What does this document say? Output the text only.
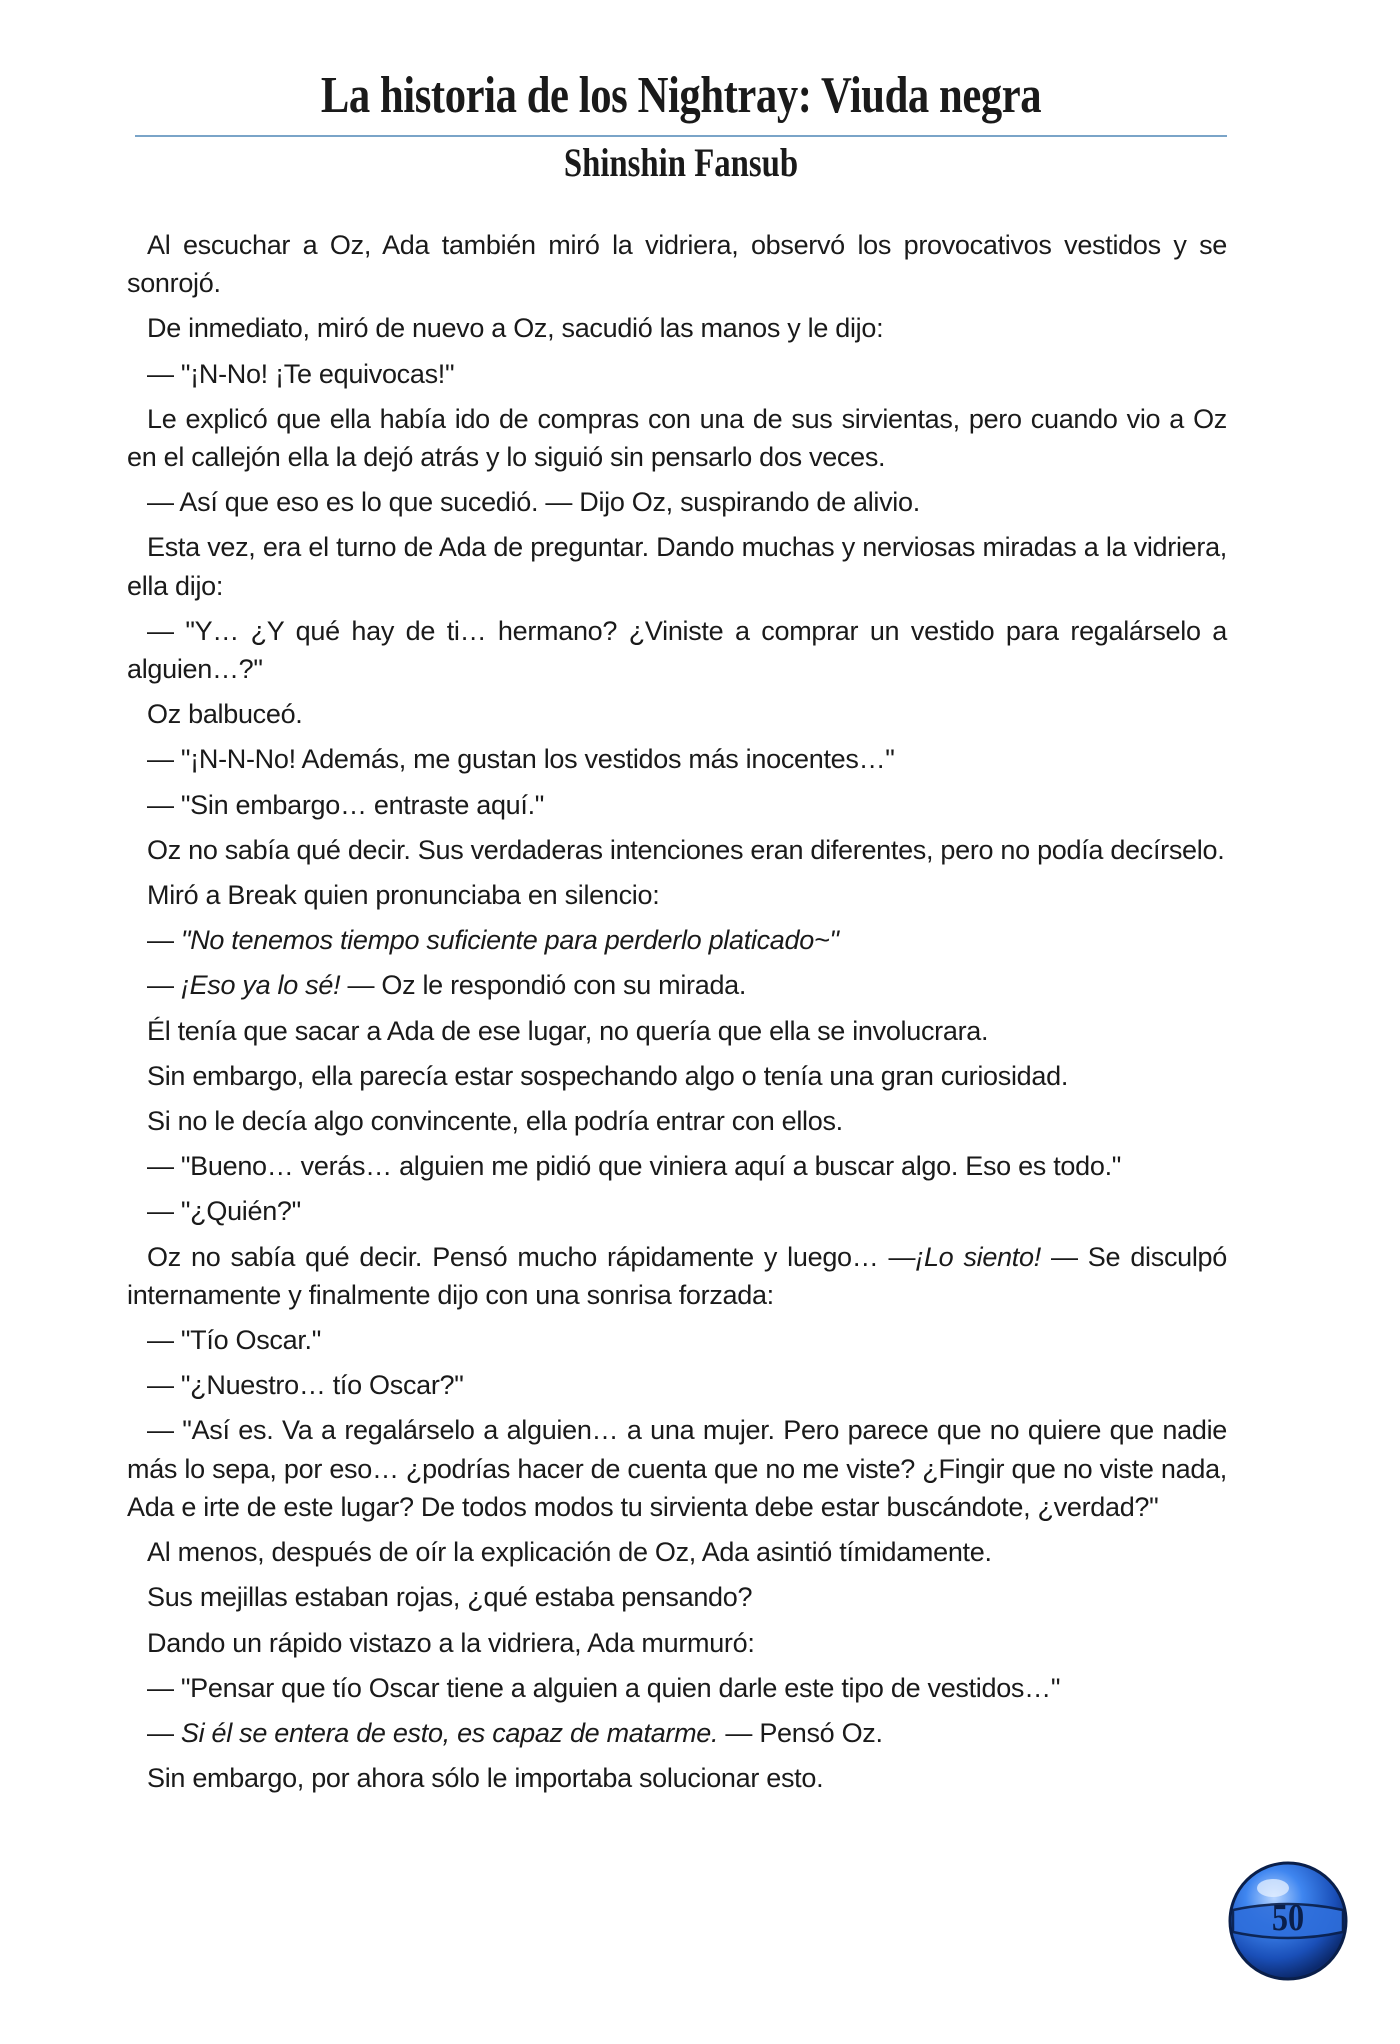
La historia de los Nightray: Viuda negra
Shinshin Fansub

Al escuchar a Oz, Ada también miró la vidriera, observó los provocativos vestidos y se sonrojó.

De inmediato, miró de nuevo a Oz, sacudió las manos y le dijo:

— "¡N-No! ¡Te equivocas!"

Le explicó que ella había ido de compras con una de sus sirvientas, pero cuando vio a Oz en el callejón ella la dejó atrás y lo siguió sin pensarlo dos veces.

— Así que eso es lo que sucedió. — Dijo Oz, suspirando de alivio.

Esta vez, era el turno de Ada de preguntar. Dando muchas y nerviosas miradas a la vidriera, ella dijo:

— "Y… ¿Y qué hay de ti… hermano? ¿Viniste a comprar un vestido para regalárselo a alguien…?"

Oz balbuceó.

— "¡N-N-No! Además, me gustan los vestidos más inocentes…"

— "Sin embargo… entraste aquí."

Oz no sabía qué decir. Sus verdaderas intenciones eran diferentes, pero no podía decírselo.

Miró a Break quien pronunciaba en silencio:

— "No tenemos tiempo suficiente para perderlo platicado~"

— ¡Eso ya lo sé! — Oz le respondió con su mirada.

Él tenía que sacar a Ada de ese lugar, no quería que ella se involucrara.

Sin embargo, ella parecía estar sospechando algo o tenía una gran curiosidad.

Si no le decía algo convincente, ella podría entrar con ellos.

— "Bueno… verás… alguien me pidió que viniera aquí a buscar algo. Eso es todo."

— "¿Quién?"

Oz no sabía qué decir. Pensó mucho rápidamente y luego… —¡Lo siento! — Se disculpó internamente y finalmente dijo con una sonrisa forzada:

— "Tío Oscar."

— "¿Nuestro… tío Oscar?"

— "Así es. Va a regalárselo a alguien… a una mujer. Pero parece que no quiere que nadie más lo sepa, por eso… ¿podrías hacer de cuenta que no me viste? ¿Fingir que no viste nada, Ada e irte de este lugar? De todos modos tu sirvienta debe estar buscándote, ¿verdad?"

Al menos, después de oír la explicación de Oz, Ada asintió tímidamente.

Sus mejillas estaban rojas, ¿qué estaba pensando?

Dando un rápido vistazo a la vidriera, Ada murmuró:

— "Pensar que tío Oscar tiene a alguien a quien darle este tipo de vestidos…"

— Si él se entera de esto, es capaz de matarme. — Pensó Oz.

Sin embargo, por ahora sólo le importaba solucionar esto.

50
